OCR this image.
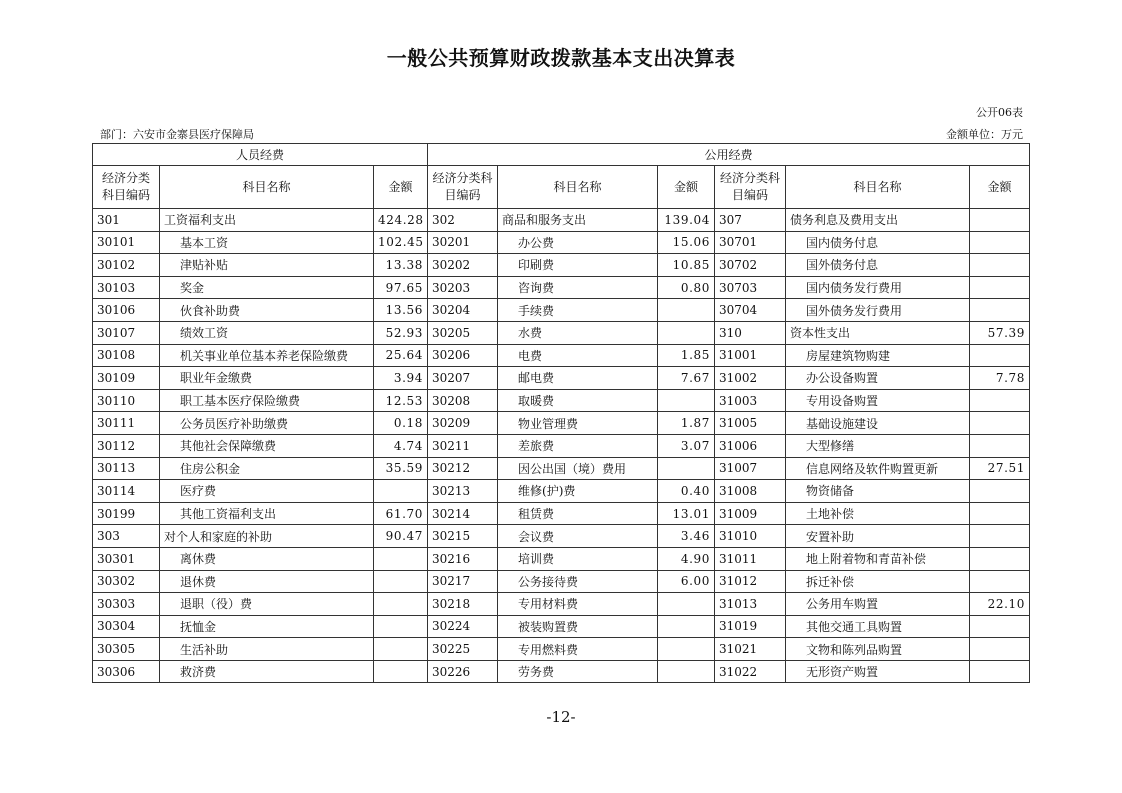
一般公共预算财政拨款基本支出决算表
公开06表
部门：六安市金寨县医疗保障局	金额单位：万元
人员经费			公用经费					
经济分类科目编码	科目名称	金额	经济分类科目编码	科目名称	金额	经济分类科目编码	科目名称	金额
301	工资福利支出	424.28	302	商品和服务支出	139.04	307	债务利息及费用支出	
30101	基本工资	102.45	30201	办公费	15.06	30701	国内债务付息	
30102	津贴补贴	13.38	30202	印刷费	10.85	30702	国外债务付息	
30103	奖金	97.65	30203	咨询费	0.80	30703	国内债务发行费用	
30106	伙食补助费	13.56	30204	手续费		30704	国外债务发行费用	
30107	绩效工资	52.93	30205	水费		310	资本性支出	57.39
30108	机关事业单位基本养老保险缴费	25.64	30206	电费	1.85	31001	房屋建筑物购建	
30109	职业年金缴费	3.94	30207	邮电费	7.67	31002	办公设备购置	7.78
30110	职工基本医疗保险缴费	12.53	30208	取暖费		31003	专用设备购置	
30111	公务员医疗补助缴费	0.18	30209	物业管理费	1.87	31005	基础设施建设	
30112	其他社会保障缴费	4.74	30211	差旅费	3.07	31006	大型修缮	
30113	住房公积金	35.59	30212	因公出国（境）费用		31007	信息网络及软件购置更新	27.51
30114	医疗费		30213	维修(护)费	0.40	31008	物资储备	
30199	其他工资福利支出	61.70	30214	租赁费	13.01	31009	土地补偿	
303	对个人和家庭的补助	90.47	30215	会议费	3.46	31010	安置补助	
30301	离休费		30216	培训费	4.90	31011	地上附着物和青苗补偿	
30302	退休费		30217	公务接待费	6.00	31012	拆迁补偿	
30303	退职（役）费		30218	专用材料费		31013	公务用车购置	22.10
30304	抚恤金		30224	被装购置费		31019	其他交通工具购置	
30305	生活补助		30225	专用燃料费		31021	文物和陈列品购置	
30306	救济费		30226	劳务费		31022	无形资产购置	
-12-
